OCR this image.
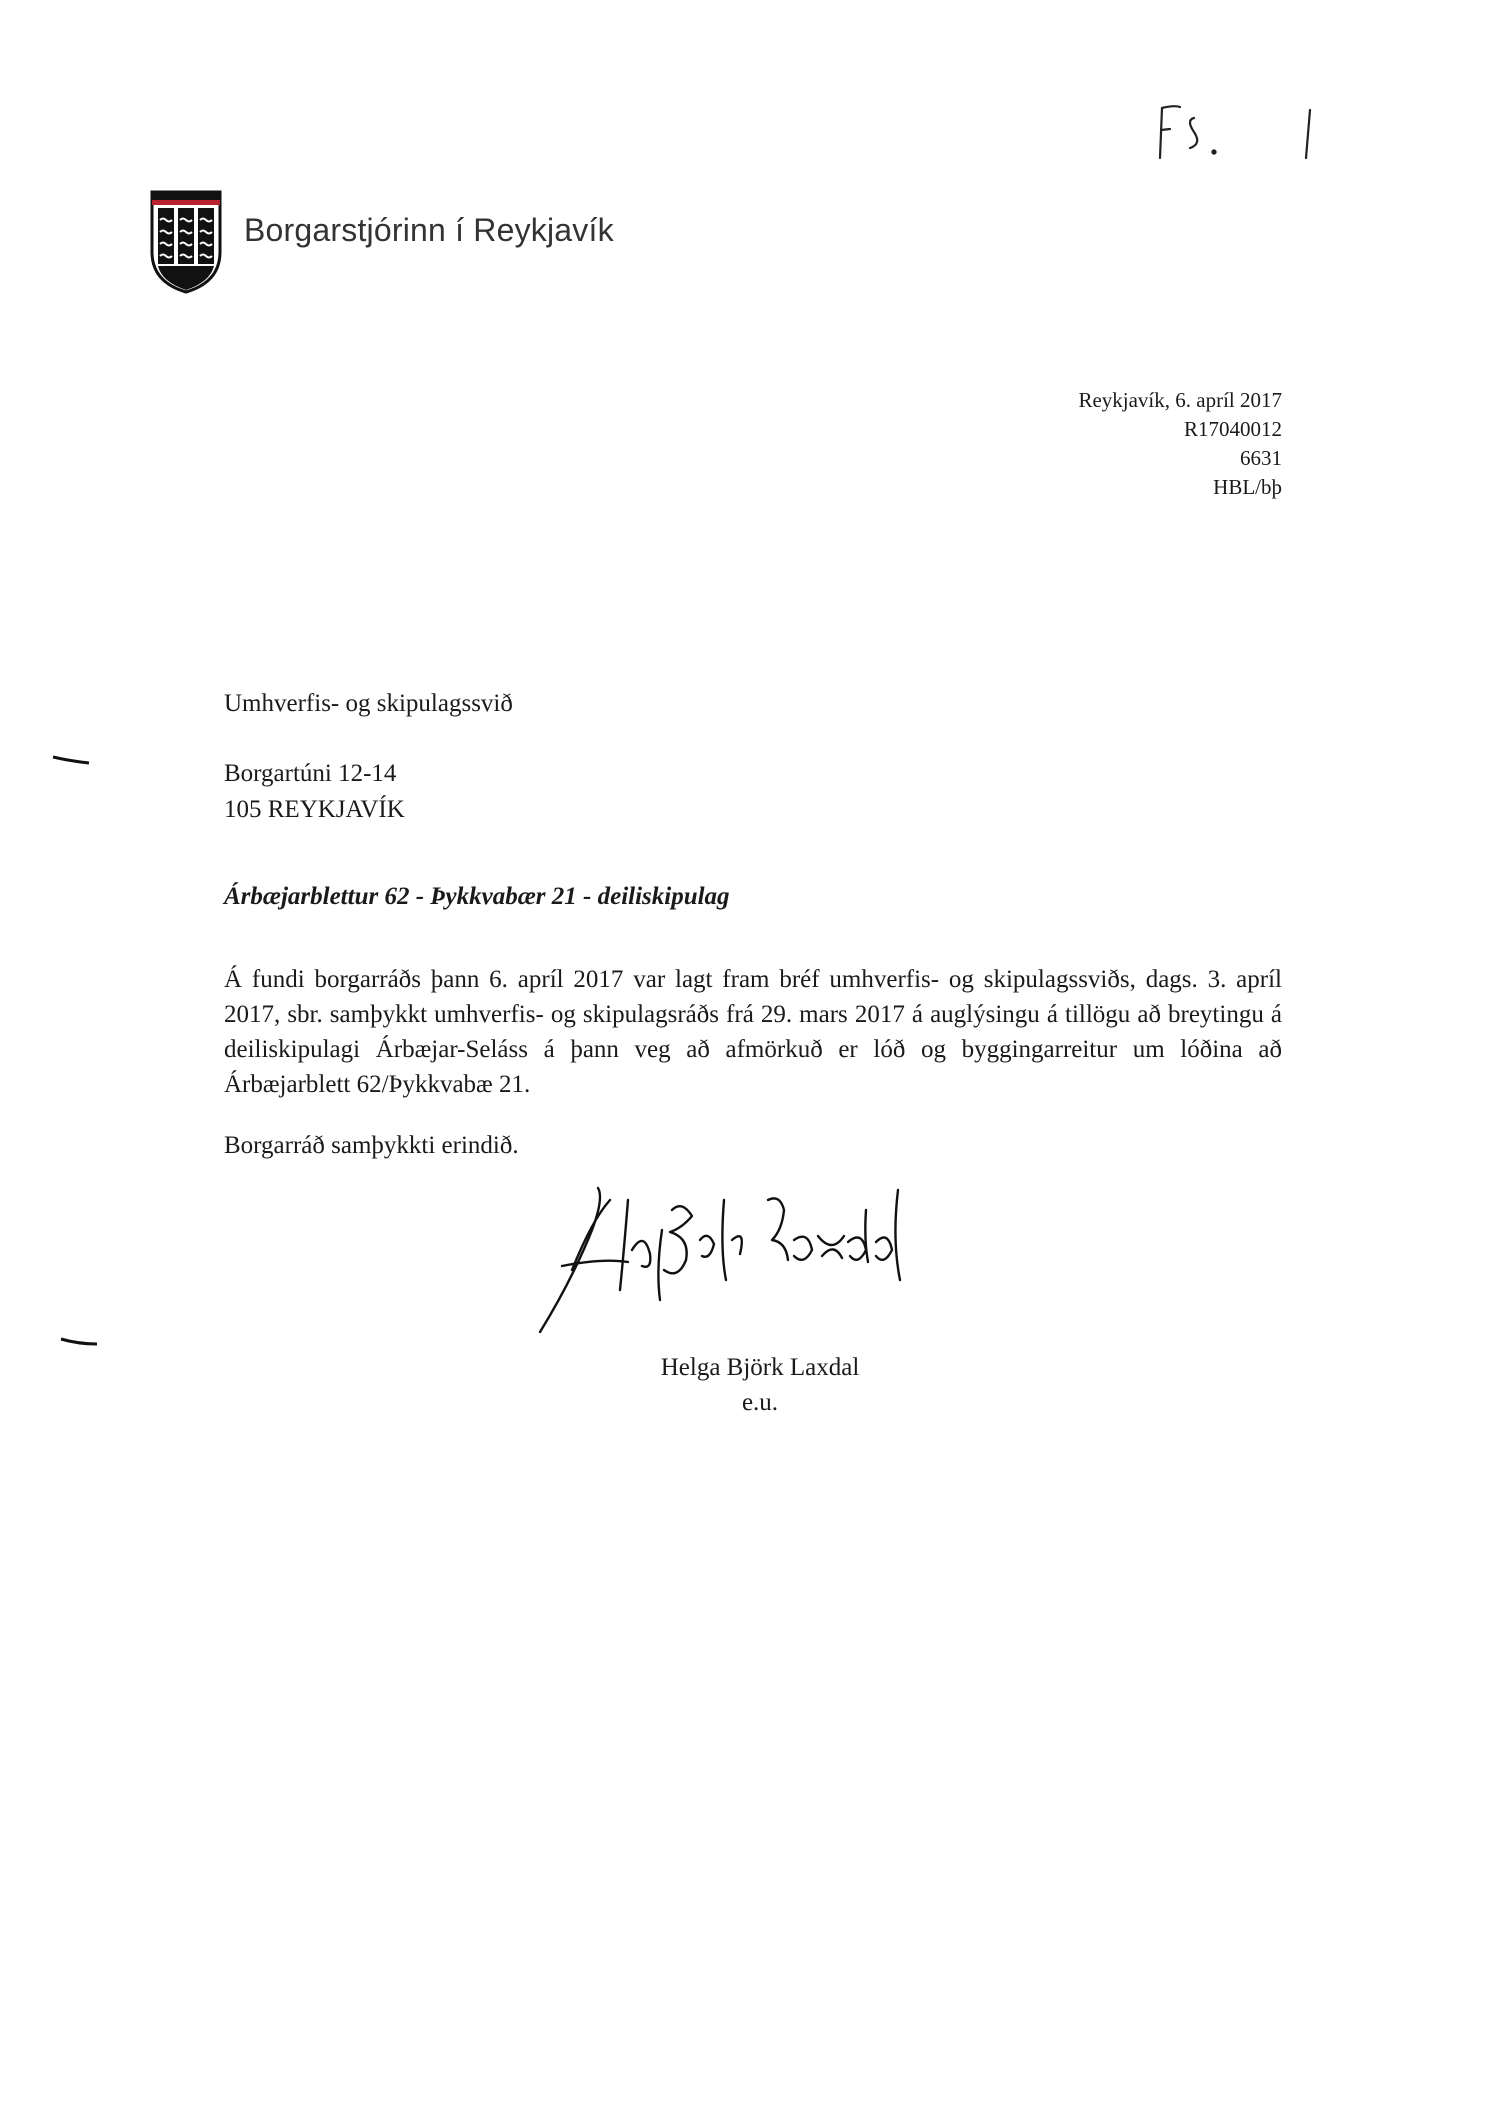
Borgarstjórinn í Reykjavík
Reykjavík, 6. apríl 2017
R17040012
6631
HBL/bþ
Umhverfis- og skipulagssvið
Borgartúni 12-14
105 REYKJAVÍK
Árbæjarblettur 62 - Þykkvabær 21 - deiliskipulag
Á fundi borgarráðs þann 6. apríl 2017 var lagt fram bréf umhverfis- og skipulagssviðs, dags. 3. apríl 2017, sbr. samþykkt umhverfis- og skipulagsráðs frá 29. mars 2017 á auglýsingu á tillögu að breytingu á deiliskipulagi Árbæjar-Seláss á þann veg að afmörkuð er lóð og byggingarreitur um lóðina að Árbæjarblett 62/Þykkvabæ 21.
Borgarráð samþykkti erindið.
Helga Björk Laxdal
e.u.
